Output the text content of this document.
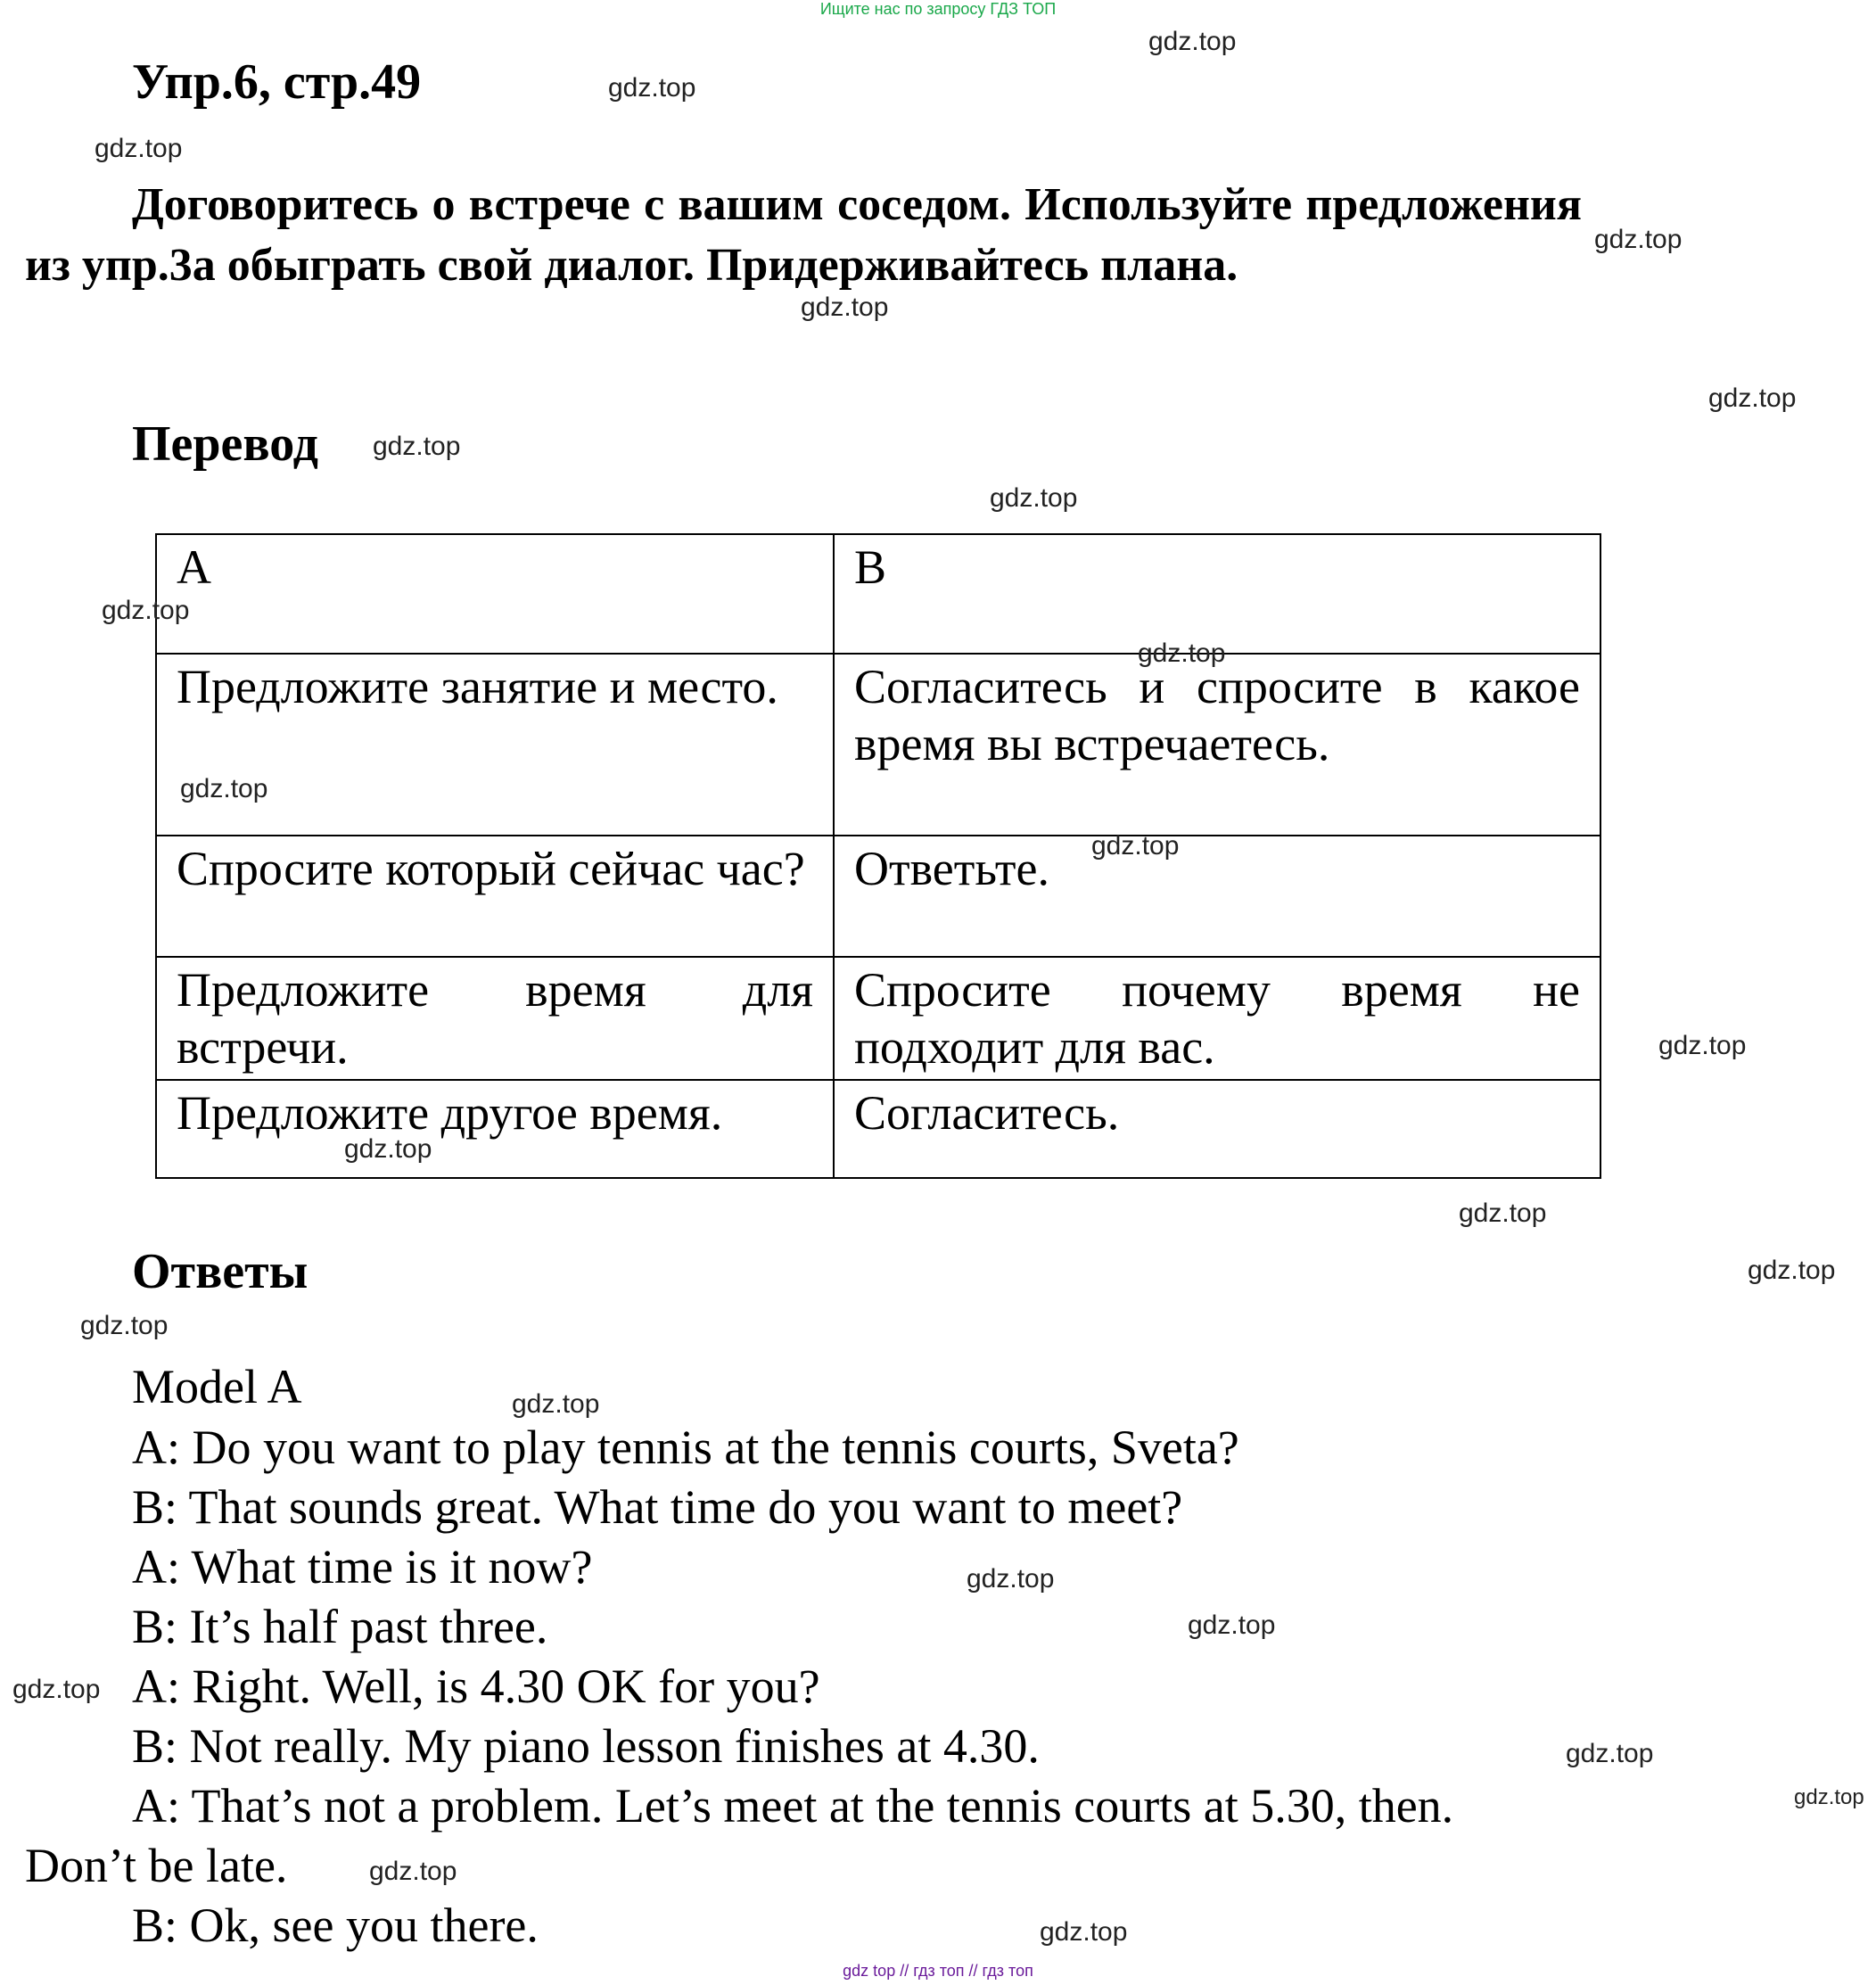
Ищите нас по запросу ГДЗ ТОП
Упр.6, стр.49
Договоритесь о встрече с вашим соседом. Используйте предложения из упр.3a обыграть свой диалог. Придерживайтесь плана.
Перевод
A	B
Предложите занятие и место.	Согласитесь и спросите в какое время вы встречаетесь.
Спросите который сейчас час?	Ответьте.
Предложите время для встречи.	Спросите почему время не подходит для вас.
Предложите другое время.	Согласитесь.
Ответы
Model A
A: Do you want to play tennis at the tennis courts, Sveta?
B: That sounds great. What time do you want to meet?
A: What time is it now?
B: It’s half past three.
A: Right. Well, is 4.30 OK for you?
B: Not really. My piano lesson finishes at 4.30.
A: That’s not a problem. Let’s meet at the tennis courts at 5.30, then.
Don’t be late.
B: Ok, see you there.
gdz.top
gdz.top
gdz.top
gdz.top
gdz.top
gdz.top
gdz.top
gdz.top
gdz.top
gdz.top
gdz.top
gdz.top
gdz.top
gdz.top
gdz.top
gdz.top
gdz.top
gdz.top
gdz.top
gdz.top
gdz.top
gdz.top
gdz.top
gdz.top
gdz.top
gdz top // гдз топ // гдз топ
